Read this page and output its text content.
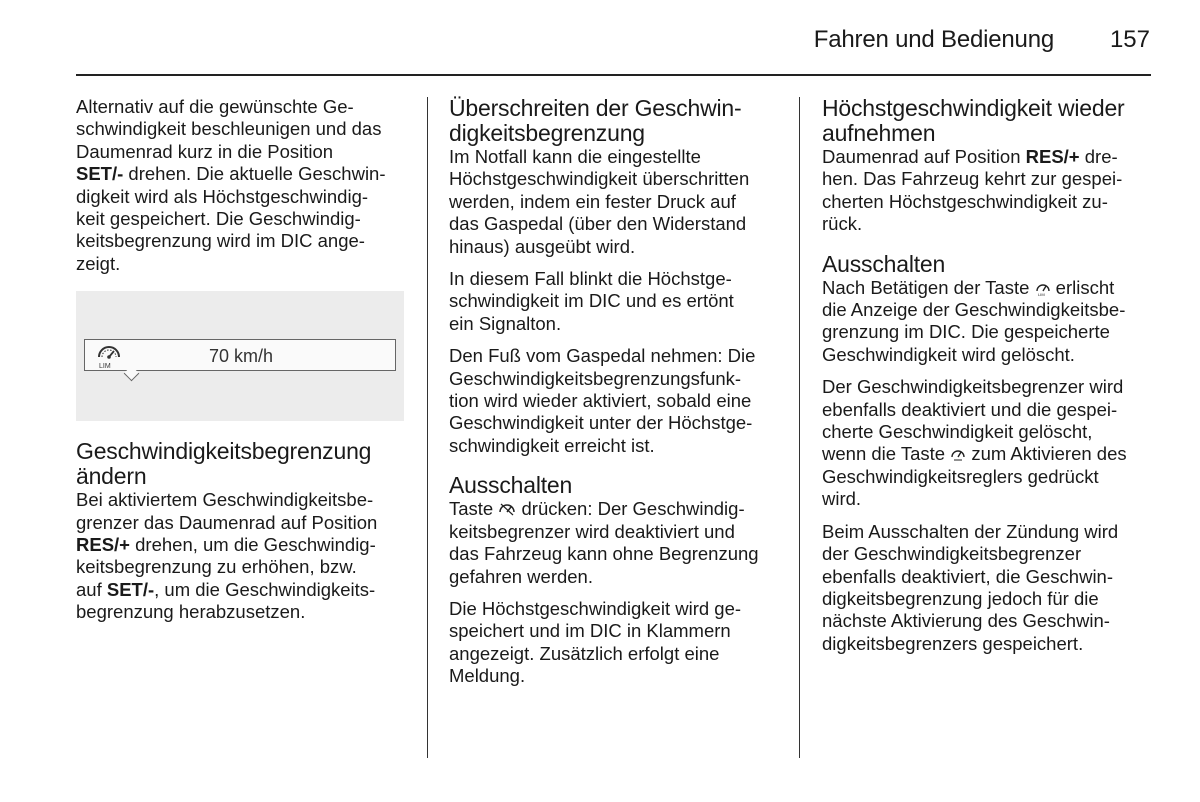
Fahren und Bedienung 157

Alternativ auf die gewünschte Ge-
schwindigkeit beschleunigen und das
Daumenrad kurz in die Position
SET/- drehen. Die aktuelle Geschwin-
digkeit wird als Höchstgeschwindig-
keit gespeichert. Die Geschwindig-
keitsbegrenzung wird im DIC ange-
zeigt.

LIM
70 km/h
Geschwindigkeitsbegrenzung
ändern

Bei aktiviertem Geschwindigkeitsbe-
grenzer das Daumenrad auf Position
RES/+ drehen, um die Geschwindig-
keitsbegrenzung zu erhöhen, bzw.
auf SET/-, um die Geschwindigkeits-
begrenzung herabzusetzen.

Überschreiten der Geschwin-
digkeitsbegrenzung

Im Notfall kann die eingestellte
Höchstgeschwindigkeit überschritten
werden, indem ein fester Druck auf
das Gaspedal (über den Widerstand
hinaus) ausgeübt wird.

In diesem Fall blinkt die Höchstge-
schwindigkeit im DIC und es ertönt
ein Signalton.

Den Fuß vom Gaspedal nehmen: Die
Geschwindigkeitsbegrenzungsfunk-
tion wird wieder aktiviert, sobald eine
Geschwindigkeit unter der Höchstge-
schwindigkeit erreicht ist.

Ausschalten

Taste  drücken: Der Geschwindig-
keitsbegrenzer wird deaktiviert und
das Fahrzeug kann ohne Begrenzung
gefahren werden.

Die Höchstgeschwindigkeit wird ge-
speichert und im DIC in Klammern
angezeigt. Zusätzlich erfolgt eine
Meldung.

Höchstgeschwindigkeit wieder
aufnehmen

Daumenrad auf Position RES/+ dre-
hen. Das Fahrzeug kehrt zur gespei-
cherten Höchstgeschwindigkeit zu-
rück.

Ausschalten

Nach Betätigen der Taste LIM erlischt
die Anzeige der Geschwindigkeitsbe-
grenzung im DIC. Die gespeicherte
Geschwindigkeit wird gelöscht.

Der Geschwindigkeitsbegrenzer wird
ebenfalls deaktiviert und die gespei-
cherte Geschwindigkeit gelöscht,
wenn die Taste  zum Aktivieren des
Geschwindigkeitsreglers gedrückt
wird.

Beim Ausschalten der Zündung wird
der Geschwindigkeitsbegrenzer
ebenfalls deaktiviert, die Geschwin-
digkeitsbegrenzung jedoch für die
nächste Aktivierung des Geschwin-
digkeitsbegrenzers gespeichert.
